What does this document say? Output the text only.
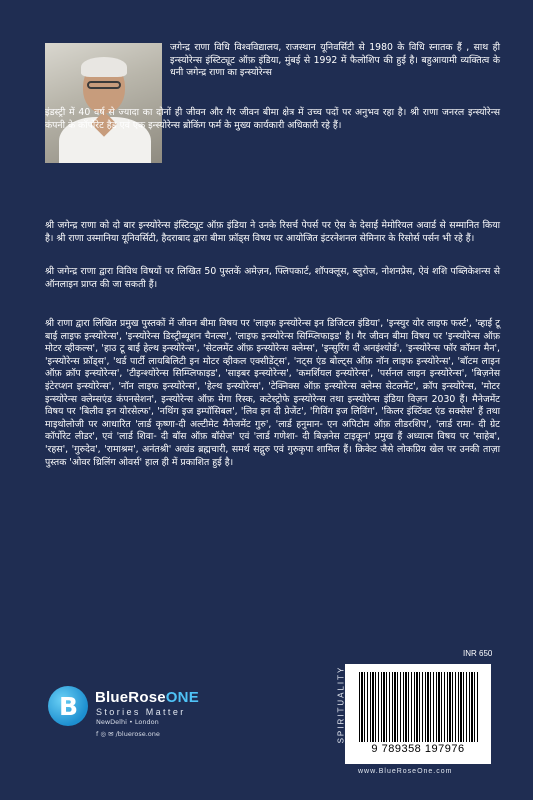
जगेन्द्र राणा विधि विश्वविद्यालय, राजस्थान यूनिवर्सिटी से 1980 के विधि स्नातक हैं , साथ ही इन्स्योरेन्स इंस्टिट्यूट ऑफ़ इंडिया, मुंबई से 1992 में फैलोशिप की हुई है। बहुआयामी व्यक्तित्व के धनी जगेन्द्र राणा का इन्स्योरेन्स

इंडस्ट्री में 40 वर्ष से ज्यादा का दोनों ही जीवन और गैर जीवन बीमा क्षेत्र में उच्च पदों पर अनुभव रहा है। श्री राणा जनरल इन्स्योरेन्स कंपनी के कॉर्पोरेट हैड एवं एक इन्स्योरेन्स ब्रोकिंग फर्म के मुख्य कार्यकारी अधिकारी रहे हैं।

श्री जगेन्द्र राणा को दो बार इन्स्योरेन्स इंस्टिट्यूट ऑफ़ इंडिया ने उनके रिसर्च पेपर्स पर ऐस के देसाई मेमोरियल अवार्ड से सम्मानित किया है। श्री राणा उस्मानिया यूनिवर्सिटी, हैदराबाद द्वारा बीमा फ्रॉड्स विषय पर आयोजित इंटरनेशनल सेमिनार के रिसोर्स पर्सन भी रहे हैं।

श्री जगेन्द्र राणा द्वारा विविध विषयों पर लिखित 50 पुस्तकें अमेज़न, फ्लिपकार्ट, शॉपक्लूस, ब्लुरोज, नोशनप्रेस, ऐवं शशि पब्लिकेशन्स से ऑनलाइन प्राप्त की जा सकती हैं।

श्री राणा द्वारा लिखित प्रमुख पुस्तकों में जीवन बीमा विषय पर 'लाइफ इन्स्योरेन्स इन डिजिटल इंडिया', 'इन्स्युर योर लाइफ फर्स्ट', 'व्हाई टू बाई लाइफ इन्स्योरेन्स', 'इन्स्योरेन्स डिस्ट्रीब्यूशन चैनल्स', 'लाइफ इन्स्योरेन्स सिम्प्लिफाइड' है। गैर जीवन बीमा विषय पर 'इन्स्योरेन्स ऑफ़ मोटर व्हीकल्स', 'हाउ टू बाई हेल्थ इन्स्योरेन्स', 'सेटलमेंट ऑफ़ इन्स्योरेन्स क्लेम्स', 'इन्सुरिंग दी अनइंश्योर्ड', 'इन्स्योरेन्स फॉर कॉमन मैन', 'इन्स्योरेन्स फ्रॉड्स', 'थर्ड पार्टी लायबिलिटी इन मोटर व्हीकल एक्सीडेंट्स', 'नट्स एंड बोल्ट्स ऑफ़ नॉन लाइफ इन्स्योरेन्स', 'बॉटम लाइन ऑफ़ क्रॉप इन्स्योरेन्स', 'टीइन्श्योरेन्स सिम्प्लिफाइड', 'साइबर इन्स्योरेन्स', 'कमर्शियल इन्स्योरेन्स', 'पर्सनल लाइन इन्स्योरेन्स', 'बिज़नेस इंटेरप्शन इन्स्योरेन्स', 'नॉन लाइफ इन्स्योरेन्स', 'हेल्थ इन्स्योरेन्स', 'टेक्निक्स ऑफ़ इन्स्योरेन्स क्लेम्स सेटलमेंट', क्रॉप इन्स्योरेन्स, 'मोटर इन्स्योरेन्स क्लेम्सएंड कंपनसेशन', इन्स्योरेन्स ऑफ़ मेगा रिस्क, कटेस्ट्रोफे इन्स्योरेन्स तथा इन्स्योरेन्स इंडिया विज़न 2030 हैं। मैनेजमेंट विषय पर 'बिलीव इन योरसेल्फ', 'नथिंग इज इम्पॉसिबल', 'लिव इन दी प्रेजेंट', 'गिविंग इज लिविंग', 'किलर इंस्टिंक्ट एंड सक्सेस' हैं तथा माइथोलोजी पर आधारित 'लार्ड कृष्णा-दी अल्टीमेट मैनेजमेंट गुरु', 'लार्ड हनुमान- एन अपिटोम ऑफ़ लीडरशिप', 'लार्ड रामा- दी ग्रेट कॉर्पोरेट लीडर', एवं 'लार्ड शिवा- दी बॉस ऑफ़ बॉसेज' एवं 'लार्ड गणेशा- दी बिज़नेस टाइकून' प्रमुख हैं अध्यात्म विषय पर 'साहेब', 'रहस', 'गुरुदेव', 'रामाश्रम', अनंतश्री' अखंड ब्रह्मचारी, समर्थ सद्गुरु एवं गुरुकृपा शामिल हैं। क्रिकेट जैसे लोकप्रिय खेल पर उनकी ताज़ा पुस्तक 'ओवर थ्रिलिंग ओवर्स' हाल ही में प्रकाशित हुई है।

B BlueRoseONE
Stories Matter
NewDelhi • London
f ◎ ✉ /bluerose.one	SPIRITUALITY
INR 650
9 789358 197976
www.BlueRoseOne.com
